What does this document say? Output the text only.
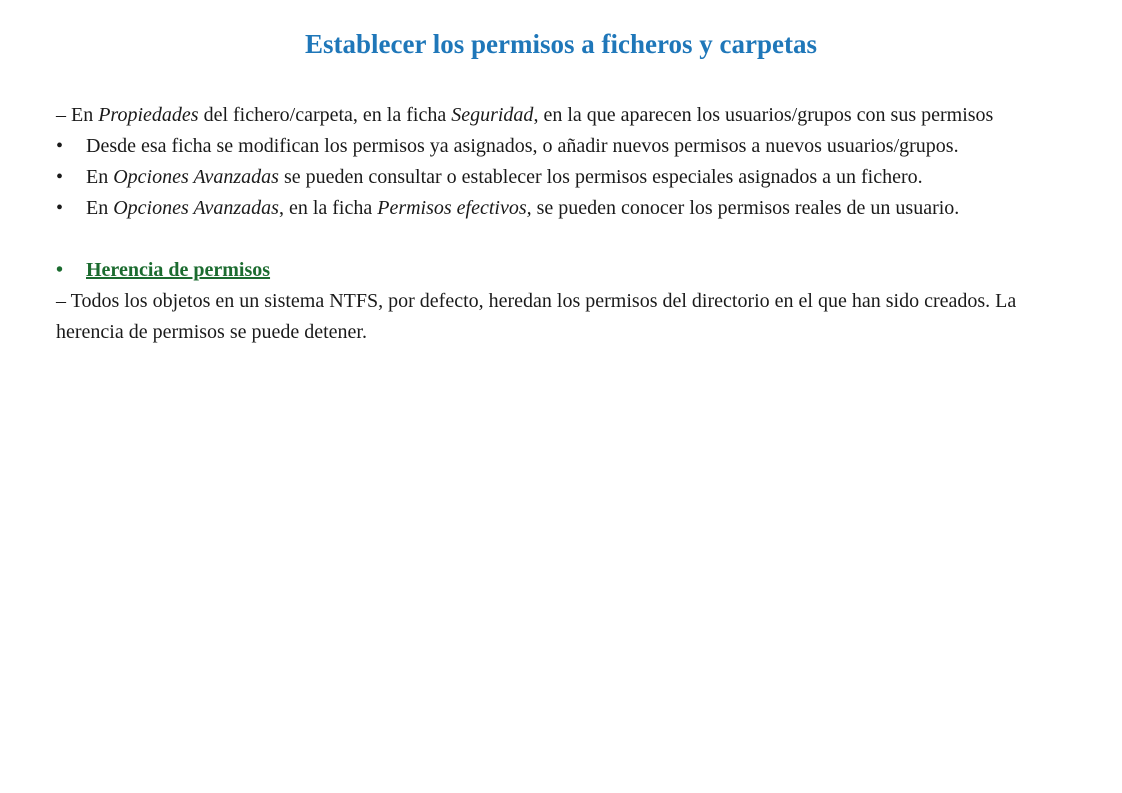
Establecer los permisos a ficheros y carpetas

– En Propiedades del fichero/carpeta, en la ficha Seguridad, en la que aparecen los usuarios/grupos con sus permisos

• Desde esa ficha se modifican los permisos ya asignados, o añadir nuevos permisos a nuevos usuarios/grupos.

• En Opciones Avanzadas se pueden consultar o establecer los permisos especiales asignados a un fichero.

• En Opciones Avanzadas, en la ficha Permisos efectivos, se pueden conocer los permisos reales de un usuario.

• Herencia de permisos

– Todos los objetos en un sistema NTFS, por defecto, heredan los permisos del directorio en el que han sido creados. La herencia de permisos se puede detener.
